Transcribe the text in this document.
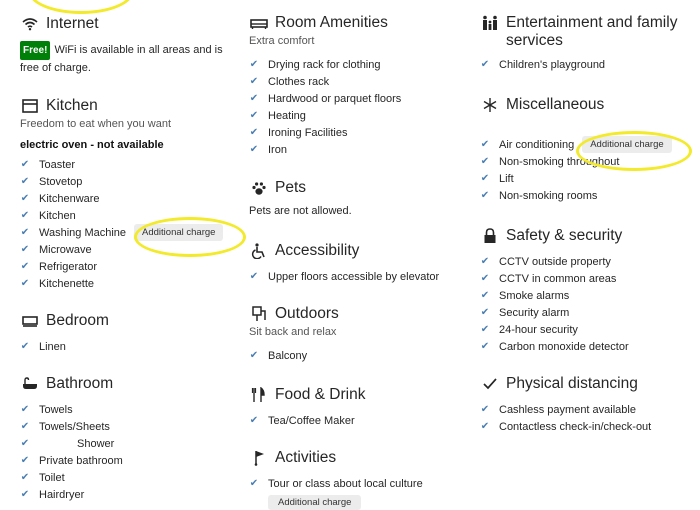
Internet
Free! WiFi is available in all areas and is
free of charge.
Kitchen
Freedom to eat when you want
electric oven - not available
✔ Toaster
✔ Stovetop
✔ Kitchenware
✔ Kitchen
✔ Washing Machine	Additional charge
✔ Microwave
✔ Refrigerator
✔ Kitchenette
Bedroom
✔ Linen
Bathroom
✔ Towels
✔ Towels/Sheets
✔	Shower
✔ Private bathroom
✔ Toilet
✔ Hairdryer
Room Amenities
Extra comfort
✔ Drying rack for clothing
✔ Clothes rack
✔ Hardwood or parquet floors
✔ Heating
✔ Ironing Facilities
✔ Iron
Pets
Pets are not allowed.
Accessibility
✔ Upper floors accessible by elevator
Outdoors
Sit back and relax
✔ Balcony
Food & Drink
✔ Tea/Coffee Maker
Activities
✔ Tour or class about local culture
Additional charge
Entertainment and family
services
✔ Children's playground
Miscellaneous
✔ Air conditioning	Additional charge
✔ Non-smoking throughout
✔ Lift
✔ Non-smoking rooms
Safety & security
✔ CCTV outside property
✔ CCTV in common areas
✔ Smoke alarms
✔ Security alarm
✔ 24-hour security
✔ Carbon monoxide detector
Physical distancing
✔ Cashless payment available
✔ Contactless check-in/check-out
